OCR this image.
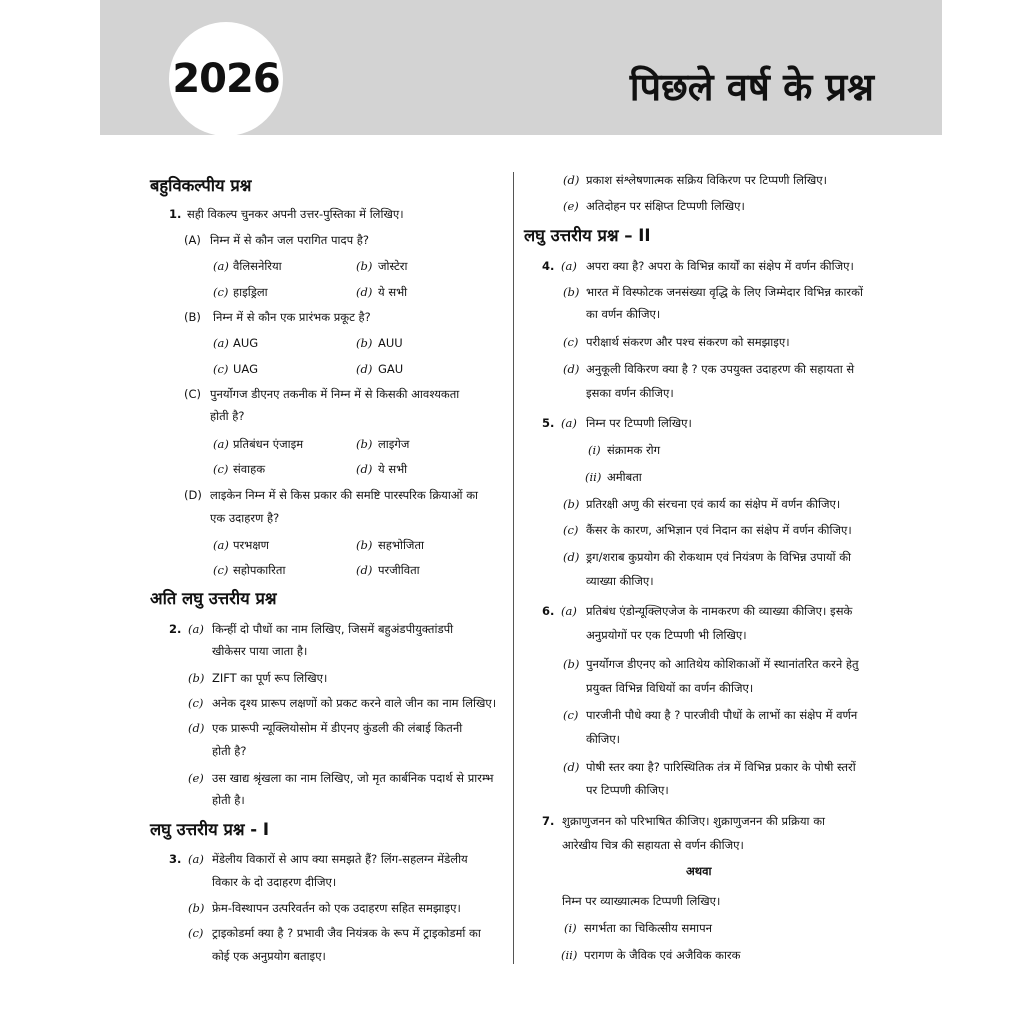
2026	पिछले वर्ष के प्रश्न
बहुविकल्पीय प्रश्न
1. सही विकल्प चुनकर अपनी उत्तर-पुस्तिका में लिखिए।
(A) निम्न में से कौन जल परागित पादप है?
(a) वैलिसनेरिया	(b) जोस्टेरा
(c) हाइड्रिला	(d) ये सभी
(B) निम्न में से कौन एक प्रारंभक प्रकूट है?
(a) AUG	(b) AUU
(c) UAG	(d) GAU
(C) पुनर्योगज डीएनए तकनीक में निम्न में से किसकी आवश्यकता
होती है?
(a) प्रतिबंधन एंजाइम	(b) लाइगेज
(c) संवाहक	(d) ये सभी
(D) लाइकेन निम्न में से किस प्रकार की समष्टि पारस्परिक क्रियाओं का
एक उदाहरण है?
(a) परभक्षण	(b) सहभोजिता
(c) सहोपकारिता	(d) परजीविता
अति लघु उत्तरीय प्रश्न
2. (a) किन्हीं दो पौधों का नाम लिखिए, जिसमें बहुअंडपीयुक्तांडपी
खीकेसर पाया जाता है।
(b) ZIFT का पूर्ण रूप लिखिए।
(c) अनेक दृश्य प्रारूप लक्षणों को प्रकट करने वाले जीन का नाम लिखिए।
(d) एक प्रारूपी न्यूक्लियोसोम में डीएनए कुंडली की लंबाई कितनी
होती है?
(e) उस खाद्य श्रृंखला का नाम लिखिए, जो मृत कार्बनिक पदार्थ से प्रारम्भ
होती है।
लघु उत्तरीय प्रश्न - I
3. (a) मेंडेलीय विकारों से आप क्या समझते हैं? लिंग-सहलग्न मेंडेलीय
विकार के दो उदाहरण दीजिए।
(b) फ्रेम-विस्थापन उत्परिवर्तन को एक उदाहरण सहित समझाइए।
(c) ट्राइकोडर्मा क्या है ? प्रभावी जैव नियंत्रक के रूप में ट्राइकोडर्मा का
कोई एक अनुप्रयोग बताइए।
(d) प्रकाश संश्लेषणात्मक सक्रिय विकिरण पर टिप्पणी लिखिए।
(e) अतिदोहन पर संक्षिप्त टिप्पणी लिखिए।
लघु उत्तरीय प्रश्न – II
4. (a) अपरा क्या है? अपरा के विभिन्न कार्यों का संक्षेप में वर्णन कीजिए।
(b) भारत में विस्फोटक जनसंख्या वृद्धि के लिए जिम्मेदार विभिन्न कारकों
का वर्णन कीजिए।
(c) परीक्षार्थ संकरण और पश्च संकरण को समझाइए।
(d) अनुकूली विकिरण क्या है ? एक उपयुक्त उदाहरण की सहायता से
इसका वर्णन कीजिए।
5. (a) निम्न पर टिप्पणी लिखिए।
(i) संक्रामक रोग
(ii) अमीबता
(b) प्रतिरक्षी अणु की संरचना एवं कार्य का संक्षेप में वर्णन कीजिए।
(c) कैंसर के कारण, अभिज्ञान एवं निदान का संक्षेप में वर्णन कीजिए।
(d) ड्रग/शराब कुप्रयोग की रोकथाम एवं नियंत्रण के विभिन्न उपायों की
व्याख्या कीजिए।
6. (a) प्रतिबंध एंडोन्यूक्लिएजेज के नामकरण की व्याख्या कीजिए। इसके
अनुप्रयोगों पर एक टिप्पणी भी लिखिए।
(b) पुनर्योगज डीएनए को आतिथेय कोशिकाओं में स्थानांतरित करने हेतु
प्रयुक्त विभिन्न विधियों का वर्णन कीजिए।
(c) पारजीनी पौधे क्या है ? पारजीवी पौधों के लाभों का संक्षेप में वर्णन
कीजिए।
(d) पोषी स्तर क्या है? पारिस्थितिक तंत्र में विभिन्न प्रकार के पोषी स्तरों
पर टिप्पणी कीजिए।
7. शुक्राणुजनन को परिभाषित कीजिए। शुक्राणुजनन की प्रक्रिया का
आरेखीय चित्र की सहायता से वर्णन कीजिए।
अथवा
निम्न पर व्याख्यात्मक टिप्पणी लिखिए।
(i) सगर्भता का चिकित्सीय समापन
(ii) परागण के जैविक एवं अजैविक कारक
